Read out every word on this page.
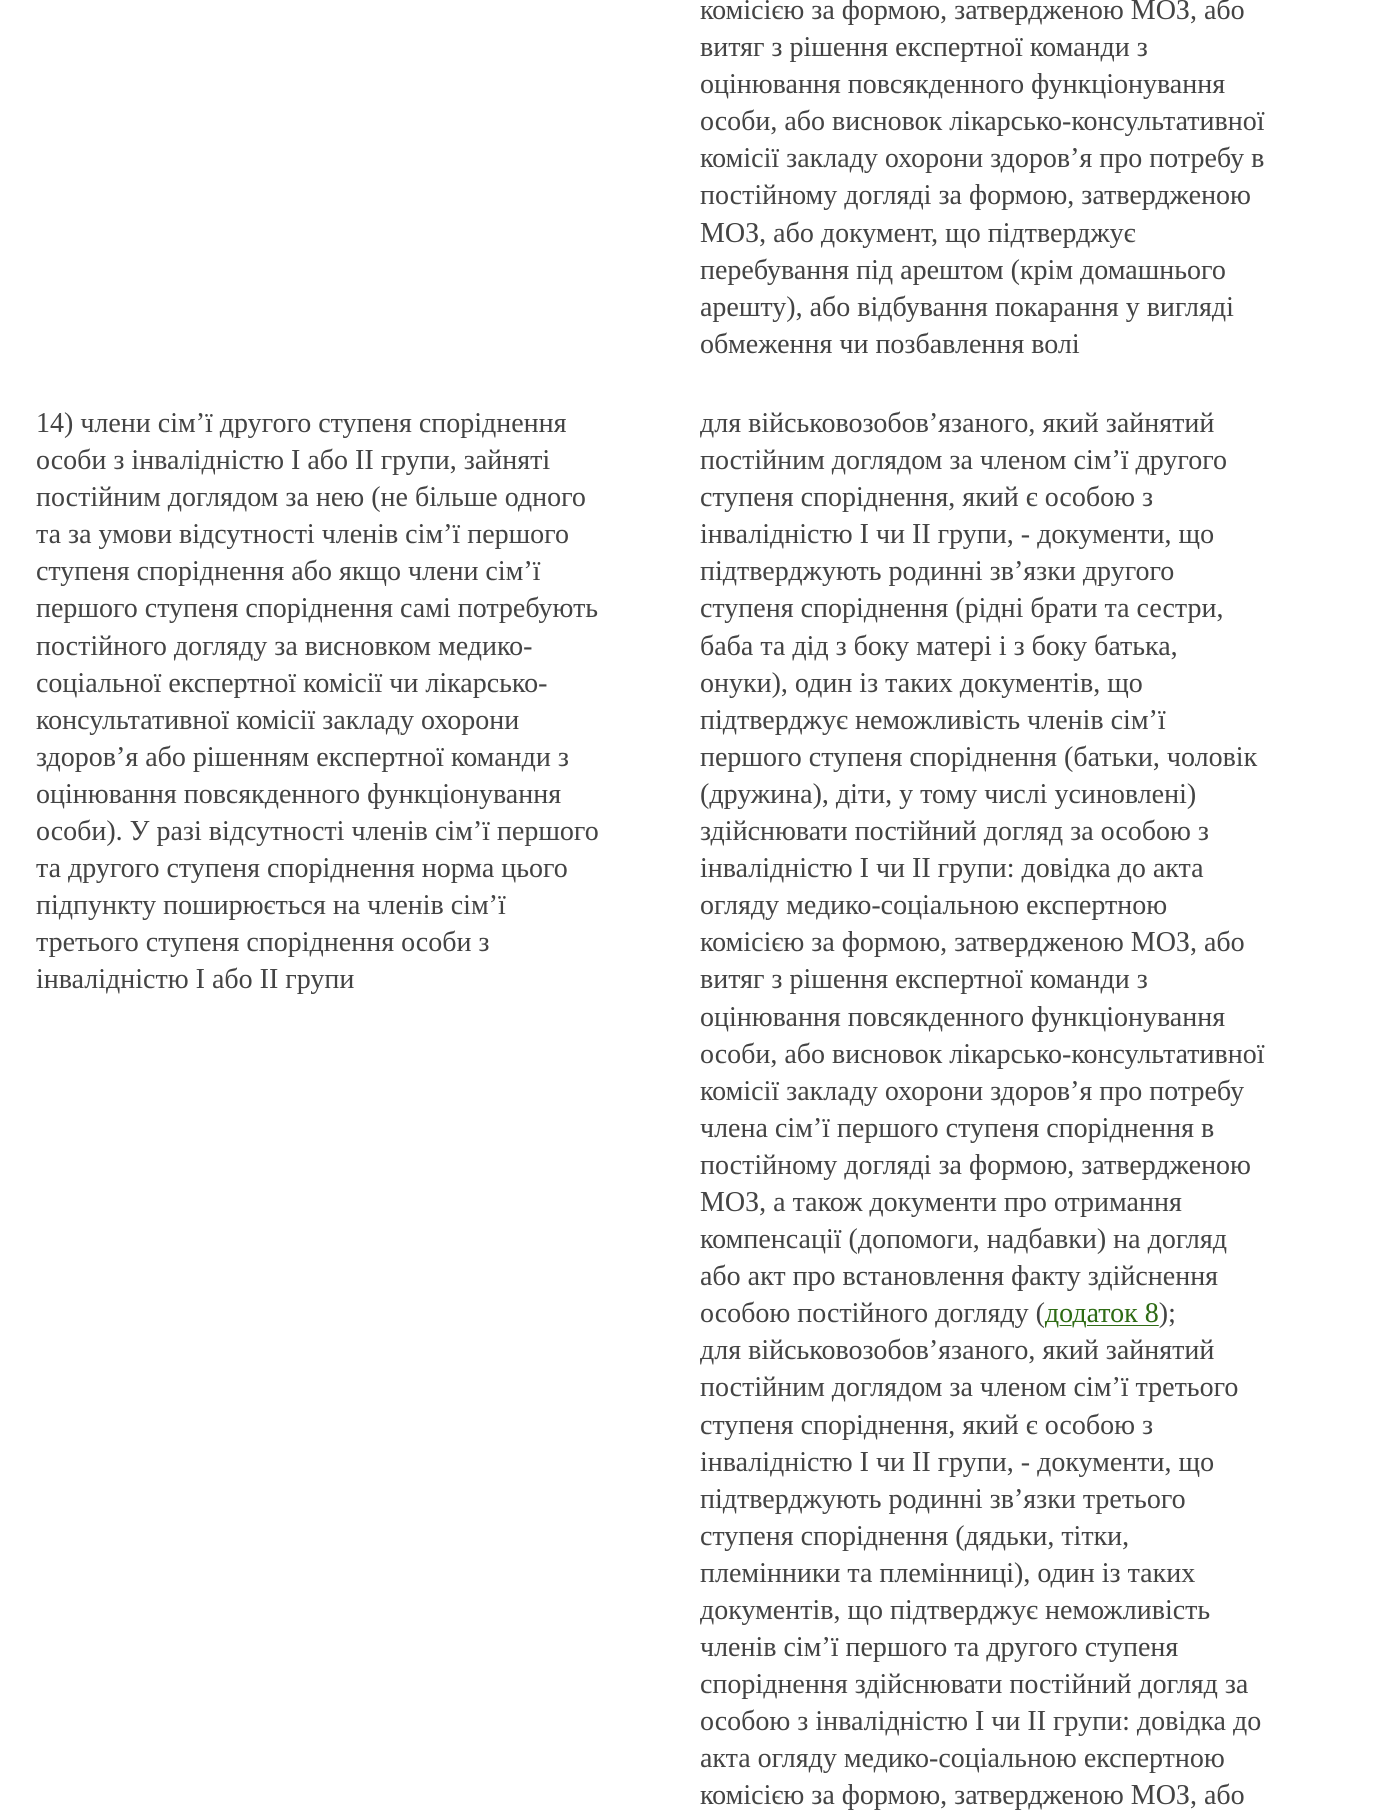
комісією за формою, затвердженою МОЗ, або
витяг з рішення експертної команди з
оцінювання повсякденного функціонування
особи, або висновок лікарсько-консультативної
комісії закладу охорони здоров’я про потребу в
постійному догляді за формою, затвердженою
МОЗ, або документ, що підтверджує
перебування під арештом (крім домашнього
арешту), або відбування покарання у вигляді
обмеження чи позбавлення волі
14) члени сім’ї другого ступеня споріднення
особи з інвалідністю I або II групи, зайняті
постійним доглядом за нею (не більше одного
та за умови відсутності членів сім’ї першого
ступеня споріднення або якщо члени сім’ї
першого ступеня споріднення самі потребують
постійного догляду за висновком медико-
соціальної експертної комісії чи лікарсько-
консультативної комісії закладу охорони
здоров’я або рішенням експертної команди з
оцінювання повсякденного функціонування
особи). У разі відсутності членів сім’ї першого
та другого ступеня споріднення норма цього
підпункту поширюється на членів сім’ї
третього ступеня споріднення особи з
інвалідністю I або II групи
для військовозобов’язаного, який зайнятий
постійним доглядом за членом сім’ї другого
ступеня споріднення, який є особою з
інвалідністю I чи II групи, - документи, що
підтверджують родинні зв’язки другого
ступеня споріднення (рідні брати та сестри,
баба та дід з боку матері і з боку батька,
онуки), один із таких документів, що
підтверджує неможливість членів сім’ї
першого ступеня споріднення (батьки, чоловік
(дружина), діти, у тому числі усиновлені)
здійснювати постійний догляд за особою з
інвалідністю I чи II групи: довідка до акта
огляду медико-соціальною експертною
комісією за формою, затвердженою МОЗ, або
витяг з рішення експертної команди з
оцінювання повсякденного функціонування
особи, або висновок лікарсько-консультативної
комісії закладу охорони здоров’я про потребу
члена сім’ї першого ступеня споріднення в
постійному догляді за формою, затвердженою
МОЗ, а також документи про отримання
компенсації (допомоги, надбавки) на догляд
або акт про встановлення факту здійснення
особою постійного догляду (додаток 8);
для військовозобов’язаного, який зайнятий
постійним доглядом за членом сім’ї третього
ступеня споріднення, який є особою з
інвалідністю I чи II групи, - документи, що
підтверджують родинні зв’язки третього
ступеня споріднення (дядьки, тітки,
племінники та племінниці), один із таких
документів, що підтверджує неможливість
членів сім’ї першого та другого ступеня
споріднення здійснювати постійний догляд за
особою з інвалідністю I чи II групи: довідка до
акта огляду медико-соціальною експертною
комісією за формою, затвердженою МОЗ, або
